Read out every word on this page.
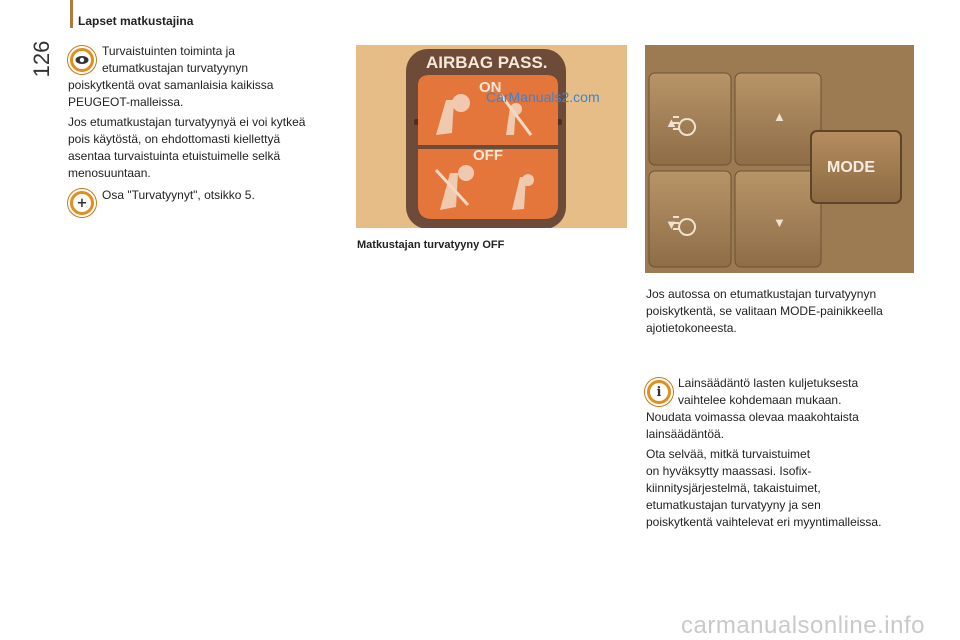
126
Lapset matkustajina
Turvaistuinten toiminta ja
etumatkustajan turvatyynyn
poiskytkentä ovat samanlaisia kaikissa
PEUGEOT-malleissa.
Jos etumatkustajan turvatyynyä ei voi kytkeä
pois käytöstä, on ehdottomasti kiellettyä
asentaa turvaistuinta etuistuimelle selkä
menosuuntaan.
+
Osa "Turvatyynyt", otsikko 5.
AIRBAG PASS.
ON
OFF
CarManuals2.com
Matkustajan turvatyyny OFF
▲
▼
▲
▼
MODE
Jos autossa on etumatkustajan turvatyynyn
poiskytkentä, se valitaan MODE-painikkeella
ajotietokoneesta.
i
Lainsäädäntö lasten kuljetuksesta
vaihtelee kohdemaan mukaan.
Noudata voimassa olevaa maakohtaista
lainsäädäntöä.
Ota selvää, mitkä turvaistuimet
on hyväksytty maassasi. Isofix-
kiinnitysjärjestelmä, takaistuimet,
etumatkustajan turvatyyny ja sen
poiskytkentä vaihtelevat eri myyntimalleissa.
carmanualsonline.info
